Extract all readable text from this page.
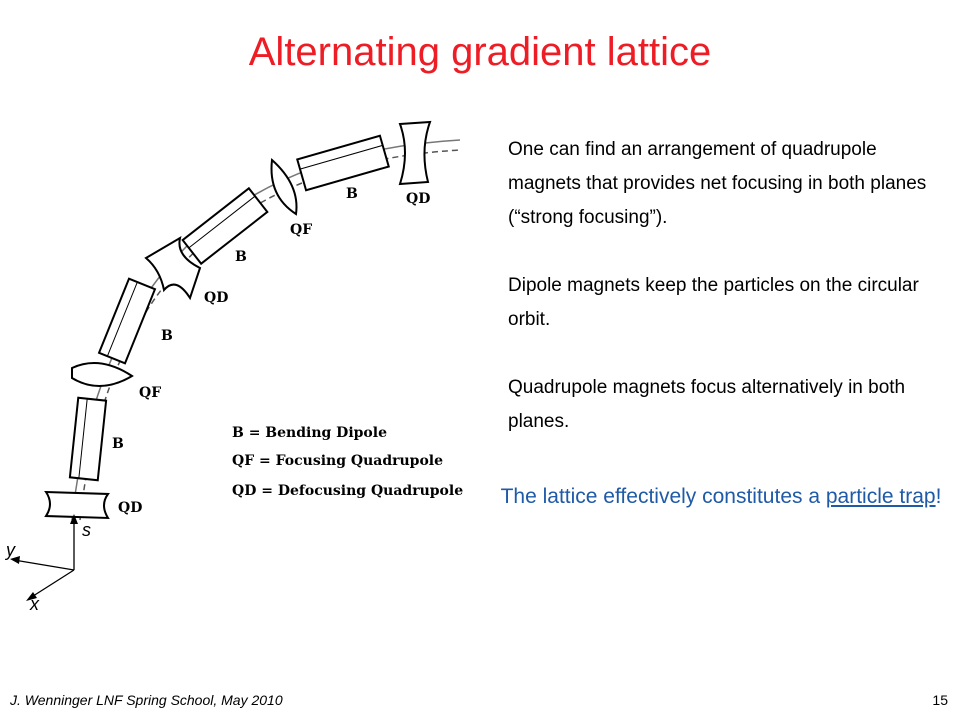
Alternating gradient lattice
B
B
B
B
QD
QD
QD
QF
QF
B = Bending Dipole
QF = Focusing Quadrupole
QD = Defocusing Quadrupole
s
y
x

One can find an arrangement of quadrupole magnets that provides net focusing in both planes (“strong focusing”).

Dipole magnets keep the particles on the circular orbit.

Quadrupole magnets focus alternatively in both planes.

The lattice effectively constitutes a particle trap!
J. Wenninger LNF Spring School, May 2010	15
